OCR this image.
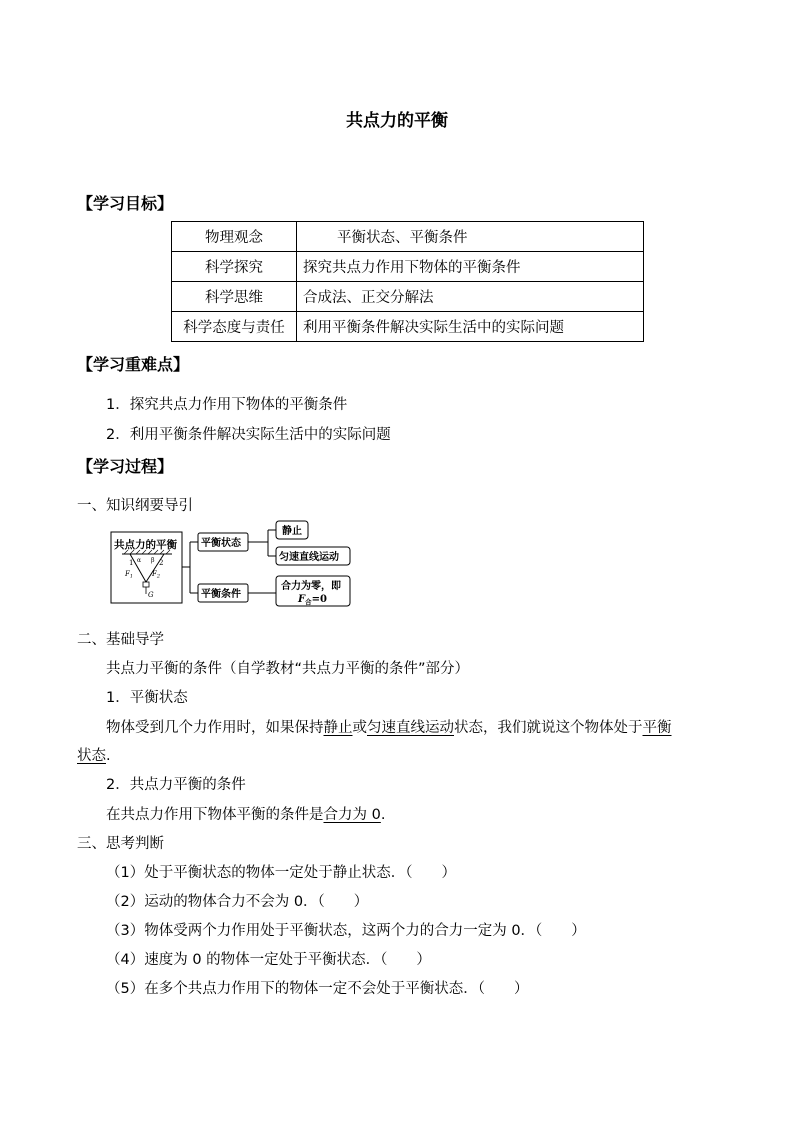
共点力的平衡
【学习目标】
物理观念	平衡状态、平衡条件
科学探究	探究共点力作用下物体的平衡条件
科学思维	合成法、正交分解法
科学态度与责任	利用平衡条件解决实际生活中的实际问题
【学习重难点】
1．探究共点力作用下物体的平衡条件
2．利用平衡条件解决实际生活中的实际问题
【学习过程】
一、知识纲要导引
共点力的平衡
α β
1	2
$F_1$	$F_2$
G
平衡状态
静止
匀速直线运动
平衡条件
合力为零，即
$F_合=0$
二、基础导学
共点力平衡的条件（自学教材“共点力平衡的条件”部分）
1．平衡状态
物体受到几个力作用时，如果保持静止或匀速直线运动状态，我们就说这个物体处于平衡
状态.
2．共点力平衡的条件
在共点力作用下物体平衡的条件是合力为 0.
三、思考判断
（1）处于平衡状态的物体一定处于静止状态．（　　）
（2）运动的物体合力不会为 0．（　　）
（3）物体受两个力作用处于平衡状态，这两个力的合力一定为 0．（　　）
（4）速度为 0 的物体一定处于平衡状态．（　　）
（5）在多个共点力作用下的物体一定不会处于平衡状态．（　　）
